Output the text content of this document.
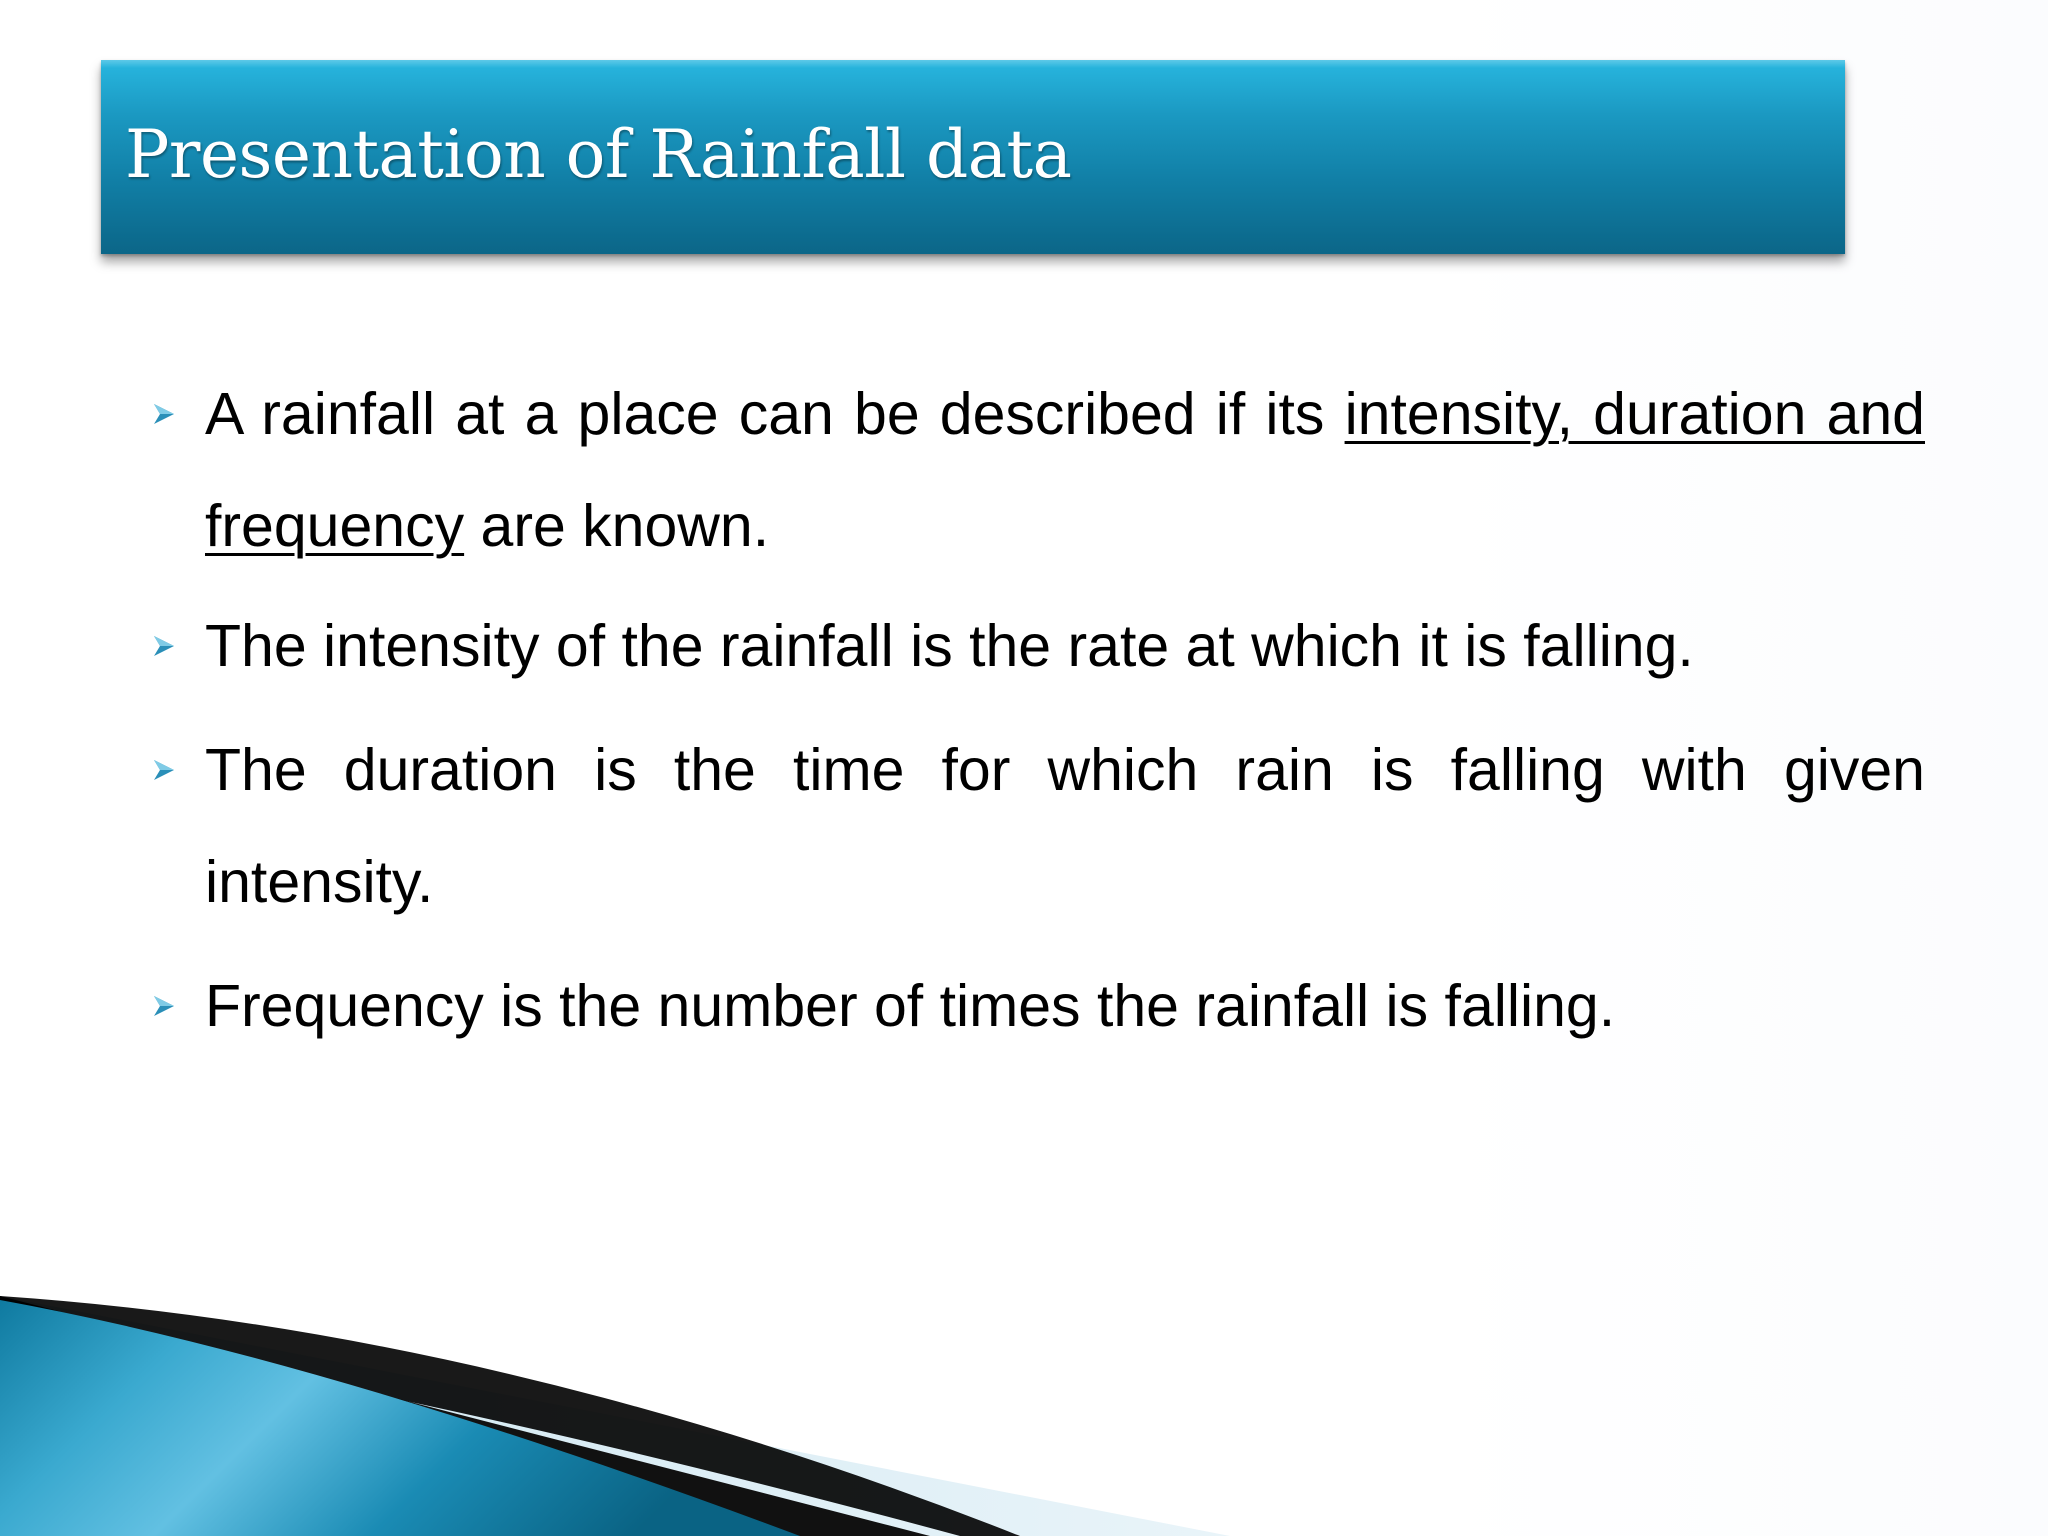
Presentation of Rainfall data
A rainfall at a place can be described if its intensity, duration and frequency are known.
The intensity of the rainfall is the rate at which it is falling.
The duration is the time for which rain is falling with given intensity.
Frequency is the number of times the rainfall is falling.
